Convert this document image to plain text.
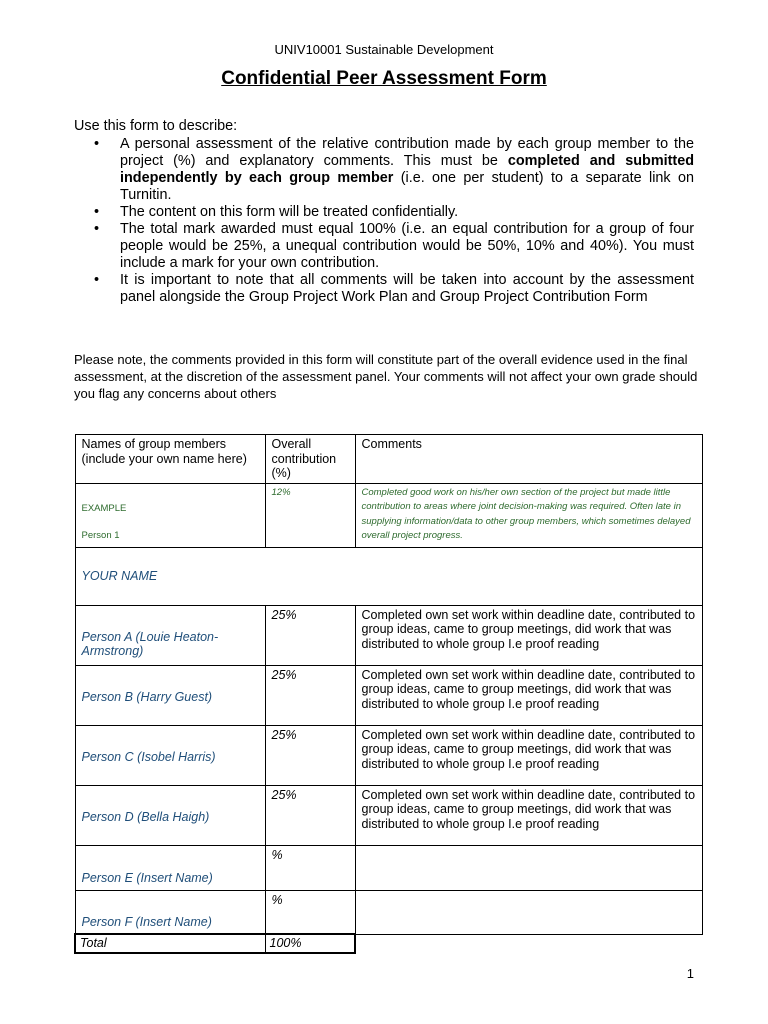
UNIV10001 Sustainable Development
Confidential Peer Assessment Form
Use this form to describe:
• A personal assessment of the relative contribution made by each group member to the project (%) and explanatory comments. This must be completed and submitted independently by each group member (i.e. one per student) to a separate link on Turnitin.
• The content on this form will be treated confidentially.
• The total mark awarded must equal 100% (i.e. an equal contribution for a group of four people would be 25%, a unequal contribution would be 50%, 10% and 40%). You must include a mark for your own contribution.
• It is important to note that all comments will be taken into account by the assessment panel alongside the Group Project Work Plan and Group Project Contribution Form
Please note, the comments provided in this form will constitute part of the overall evidence used in the final assessment, at the discretion of the assessment panel. Your comments will not affect your own grade should you flag any concerns about others
Names of group members (include your own name here)	Overall contribution (%)	Comments

EXAMPLE
Person 1	12%	Completed good work on his/her own section of the project but made little contribution to areas where joint decision-making was required. Often late in supplying information/data to other group members, which sometimes delayed overall project progress.
YOUR NAME		
Person A (Louie Heaton-Armstrong)	25%	Completed own set work within deadline date, contributed to group ideas, came to group meetings, did work that was distributed to whole group I.e proof reading
Person B (Harry Guest)	25%	Completed own set work within deadline date, contributed to group ideas, came to group meetings, did work that was distributed to whole group I.e proof reading
Person C (Isobel Harris)	25%	Completed own set work within deadline date, contributed to group ideas, came to group meetings, did work that was distributed to whole group I.e proof reading
Person D (Bella Haigh)	25%	Completed own set work within deadline date, contributed to group ideas, came to group meetings, did work that was distributed to whole group I.e proof reading
Person E (Insert Name)	%	
Person F (Insert Name)	%	
Total	100%	
1
